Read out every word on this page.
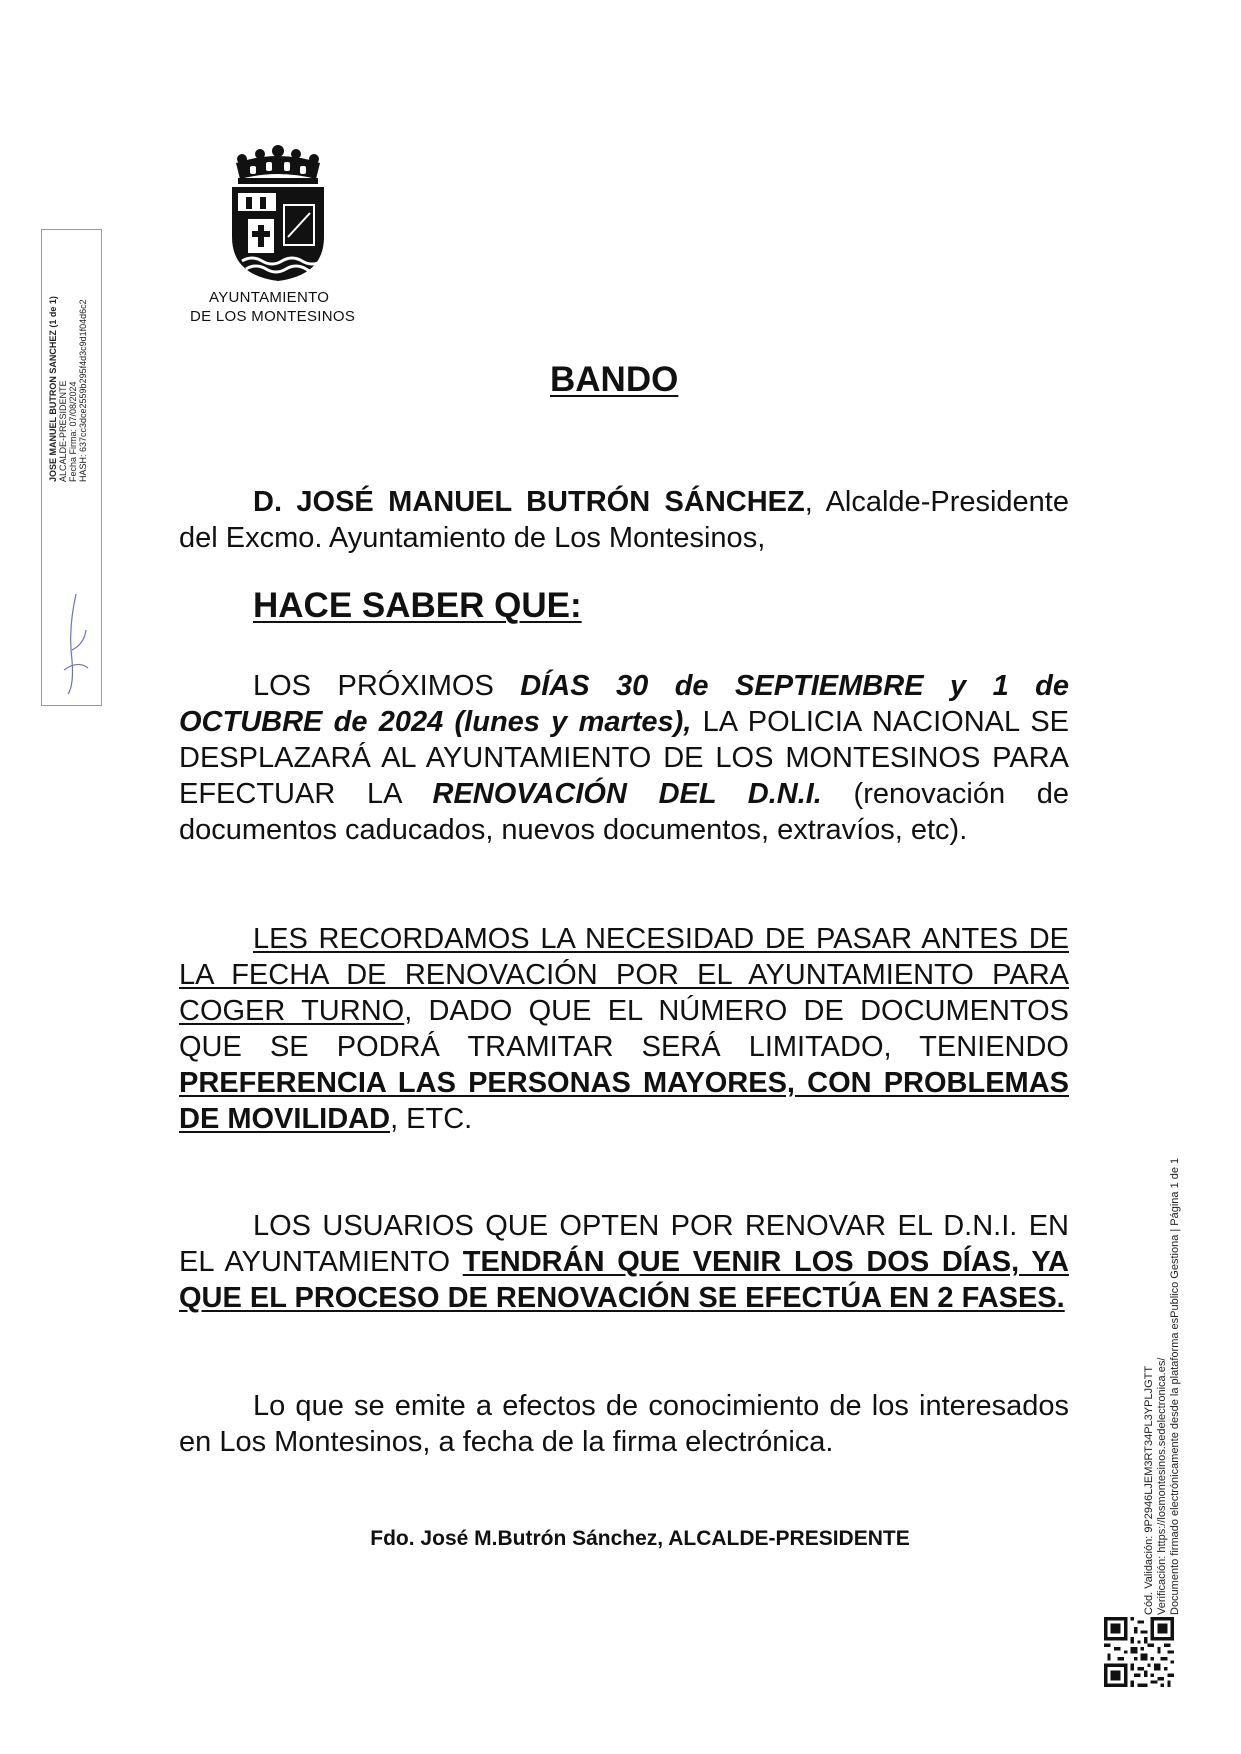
AYUNTAMIENTO
DE LOS MONTESINOS
BANDO

D. JOSÉ MANUEL BUTRÓN SÁNCHEZ, Alcalde-Presidente del Excmo. Ayuntamiento de Los Montesinos,

HACE SABER QUE:

LOS PRÓXIMOS DÍAS 30 de SEPTIEMBRE y 1 de OCTUBRE de 2024 (lunes y martes), LA POLICIA NACIONAL SE DESPLAZARÁ AL AYUNTAMIENTO DE LOS MONTESINOS PARA EFECTUAR LA RENOVACIÓN DEL D.N.I. (renovación de documentos caducados, nuevos documentos, extravíos, etc).

LES RECORDAMOS LA NECESIDAD DE PASAR ANTES DE LA FECHA DE RENOVACIÓN POR EL AYUNTAMIENTO PARA COGER TURNO, DADO QUE EL NÚMERO DE DOCUMENTOS QUE SE PODRÁ TRAMITAR SERÁ LIMITADO, TENIENDO PREFERENCIA LAS PERSONAS MAYORES, CON PROBLEMAS DE MOVILIDAD, ETC.

LOS USUARIOS QUE OPTEN POR RENOVAR EL D.N.I. EN EL AYUNTAMIENTO TENDRÁN QUE VENIR LOS DOS DÍAS, YA QUE EL PROCESO DE RENOVACIÓN SE EFECTÚA EN 2 FASES.

Lo que se emite a efectos de conocimiento de los interesados en Los Montesinos, a fecha de la firma electrónica.

Fdo. José M.Butrón Sánchez, ALCALDE-PRESIDENTE
JOSE MANUEL BUTRON SANCHEZ (1 de 1) ALCALDE-PRESIDENTE Fecha Firma: 07/08/2024 HASH: 637cc3dce2559b295f4d3c9d1f04d6c2
Cód. Validación: 9P2946LJEM3RT34PL3YPLJGTT Verificación: https://losmontesinos.sedelectronica.es/ Documento firmado electrónicamente desde la plataforma esPublico Gestiona | Página 1 de 1
